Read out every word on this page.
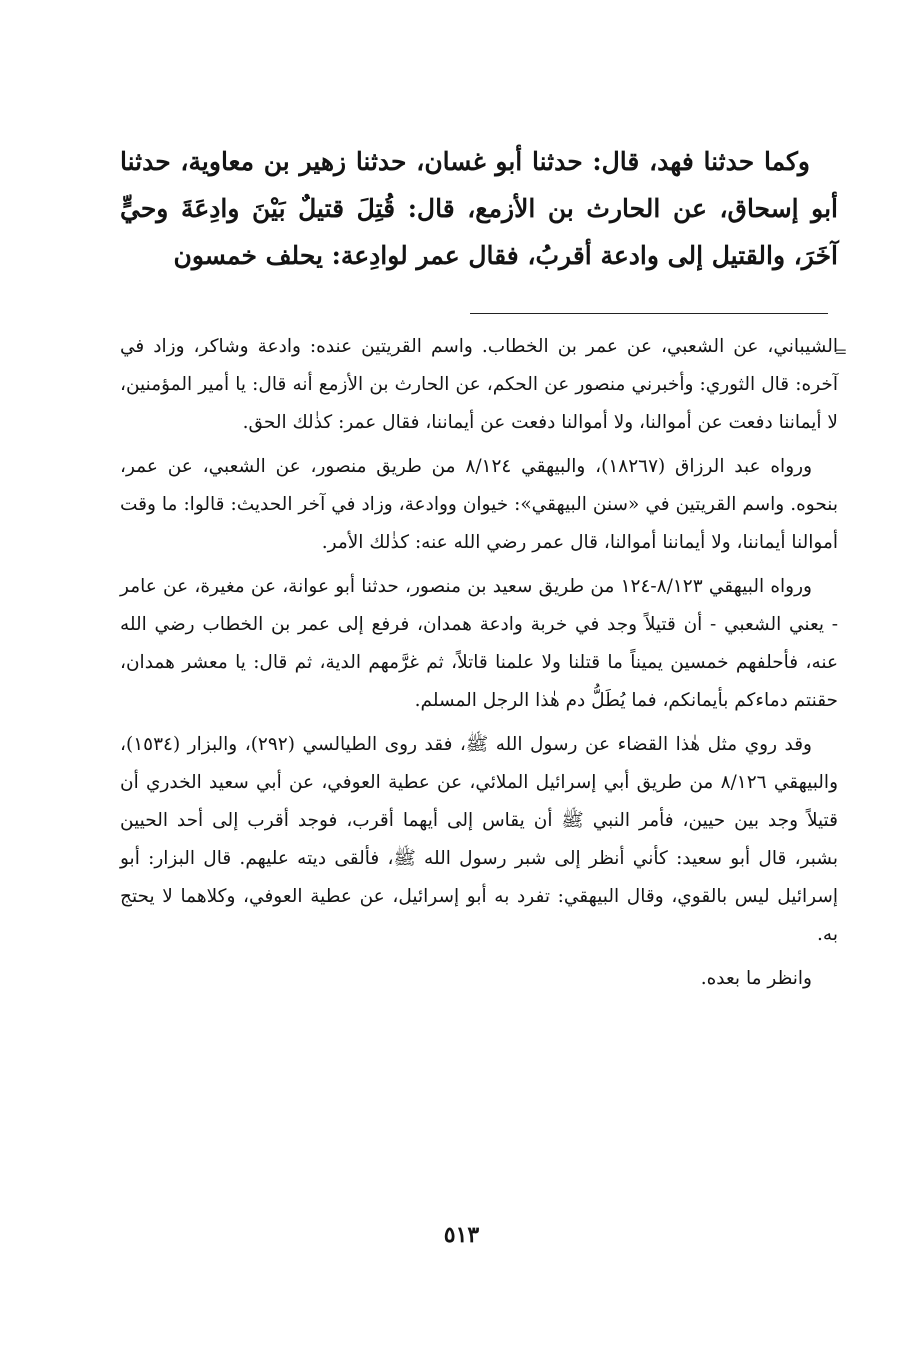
وكما حدثنا فهد، قال: حدثنا أبو غسان، حدثنا زهير بن معاوية، حدثنا أبو إسحاق، عن الحارث بن الأزمع، قال: قُتِلَ قتيلٌ بَيْنَ وادِعَةَ وحيٍّ آخَرَ، والقتيل إلى وادعة أقربُ، فقال عمر لوادِعة: يحلف خمسون

=

الشيباني، عن الشعبي، عن عمر بن الخطاب. واسم القريتين عنده: وادعة وشاكر، وزاد في آخره: قال الثوري: وأخبرني منصور عن الحكم، عن الحارث بن الأزمع أنه قال: يا أمير المؤمنين، لا أيماننا دفعت عن أموالنا، ولا أموالنا دفعت عن أيماننا، فقال عمر: كذٰلك الحق.

ورواه عبد الرزاق (١٨٢٦٧)، والبيهقي ٨/١٢٤ من طريق منصور، عن الشعبي، عن عمر، بنحوه. واسم القريتين في «سنن البيهقي»: خيوان ووادعة، وزاد في آخر الحديث: قالوا: ما وقت أموالنا أيماننا، ولا أيماننا أموالنا، قال عمر رضي الله عنه: كذٰلك الأمر.

ورواه البيهقي ٨/١٢٣-١٢٤ من طريق سعيد بن منصور، حدثنا أبو عوانة، عن مغيرة، عن عامر - يعني الشعبي - أن قتيلاً وجد في خربة وادعة همدان، فرفع إلى عمر بن الخطاب رضي الله عنه، فأحلفهم خمسين يميناً ما قتلنا ولا علمنا قاتلاً، ثم غرَّمهم الدية، ثم قال: يا معشر همدان، حقنتم دماءكم بأيمانكم، فما يُطَلُّ دم هٰذا الرجل المسلم.

وقد روي مثل هٰذا القضاء عن رسول الله ﷺ، فقد روى الطيالسي (٢٩٢)، والبزار (١٥٣٤)، والبيهقي ٨/١٢٦ من طريق أبي إسرائيل الملائي، عن عطية العوفي، عن أبي سعيد الخدري أن قتيلاً وجد بين حيين، فأمر النبي ﷺ أن يقاس إلى أيهما أقرب، فوجد أقرب إلى أحد الحيين بشبر، قال أبو سعيد: كأني أنظر إلى شبر رسول الله ﷺ، فألقى ديته عليهم. قال البزار: أبو إسرائيل ليس بالقوي، وقال البيهقي: تفرد به أبو إسرائيل، عن عطية العوفي، وكلاهما لا يحتج به.

وانظر ما بعده.

٥١٣
